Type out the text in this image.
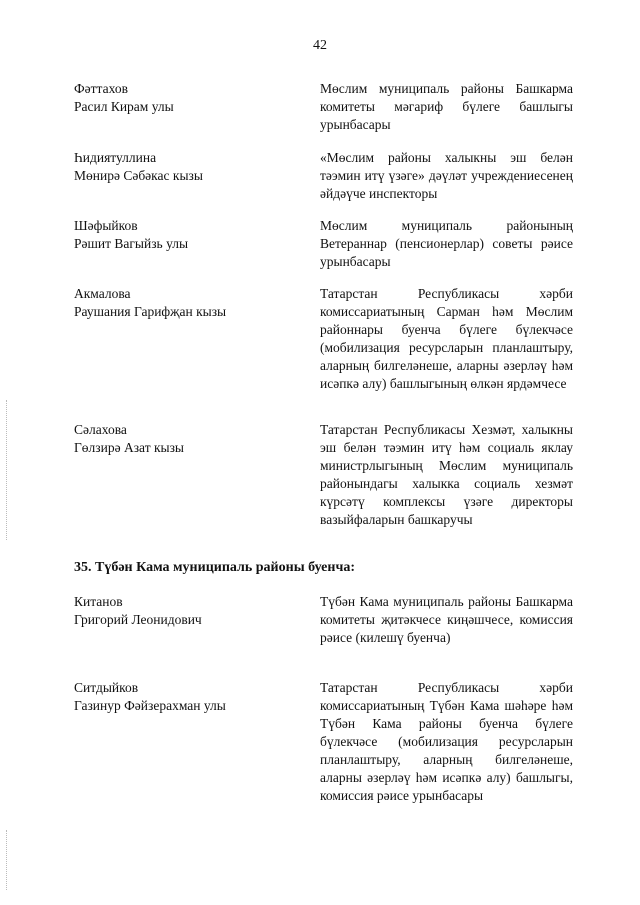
42
Фәттахов
Расил Кирам улы
Мөслим муниципаль районы Башкарма комитеты мәгариф бүлеге башлыгы урынбасары
Һидиятуллина
Мөнирә Сәбәкас кызы
«Мөслим районы халыкны эш белән тәэмин итү үзәге» дәүләт учреждениесенең әйдәүче инспекторы
Шәфыйков
Рәшит Вагыйзь улы
Мөслим муниципаль районының Ветераннар (пенсионерлар) советы рәисе урынбасары
Акмалова
Раушания Гарифҗан кызы
Татарстан Республикасы хәрби комиссариатының Сарман һәм Мөслим районнары буенча бүлеге бүлекчәсе (мобилизация ресурсларын планлаштыру, аларның билгеләнеше, аларны әзерләү һәм исәпкә алу) башлыгының өлкән ярдәмчесе
Сәлахова
Гөлзирә Азат кызы
Татарстан Республикасы Хезмәт, халыкны эш белән тәэмин итү һәм социаль яклау министрлыгының Мөслим муниципаль районындагы халыкка социаль хезмәт күрсәтү комплексы үзәге директоры вазыйфаларын башкаручы
35. Түбән Кама муниципаль районы буенча:
Китанов
Григорий Леонидович
Түбән Кама муниципаль районы Башкарма комитеты җитәкчесе киңәшчесе, комиссия рәисе (килешү буенча)
Ситдыйков
Газинур Фәйзерахман улы
Татарстан Республикасы хәрби комиссариатының Түбән Кама шәһәре һәм Түбән Кама районы буенча бүлеге бүлекчәсе (мобилизация ресурсларын планлаштыру, аларның билгеләнеше, аларны әзерләү һәм исәпкә алу) башлыгы, комиссия рәисе урынбасары
